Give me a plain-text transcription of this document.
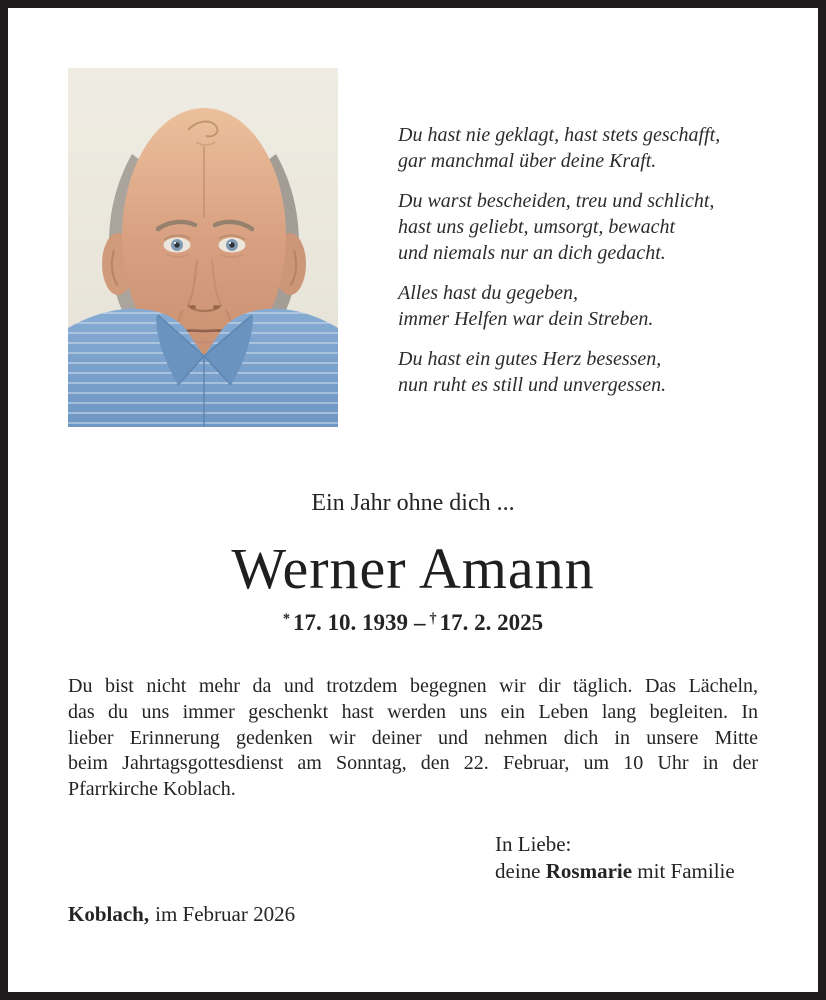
Du hast nie geklagt, hast stets geschafft,
gar manchmal über deine Kraft.
Du warst bescheiden, treu und schlicht,
hast uns geliebt, umsorgt, bewacht
und niemals nur an dich gedacht.
Alles hast du gegeben,
immer Helfen war dein Streben.
Du hast ein gutes Herz besessen,
nun ruht es still und unvergessen.
Ein Jahr ohne dich ...
Werner Amann
* 17. 10. 1939 – † 17. 2. 2025
Du bist nicht mehr da und trotzdem begegnen wir dir täglich. Das Lächeln,
das du uns immer geschenkt hast werden uns ein Leben lang begleiten. In
lieber Erinnerung gedenken wir deiner und nehmen dich in unsere Mitte
beim Jahrtagsgottesdienst am Sonntag, den 22. Februar, um 10 Uhr in der
Pfarrkirche Koblach.
In Liebe:
deine Rosmarie mit Familie
Koblach, im Februar 2026
